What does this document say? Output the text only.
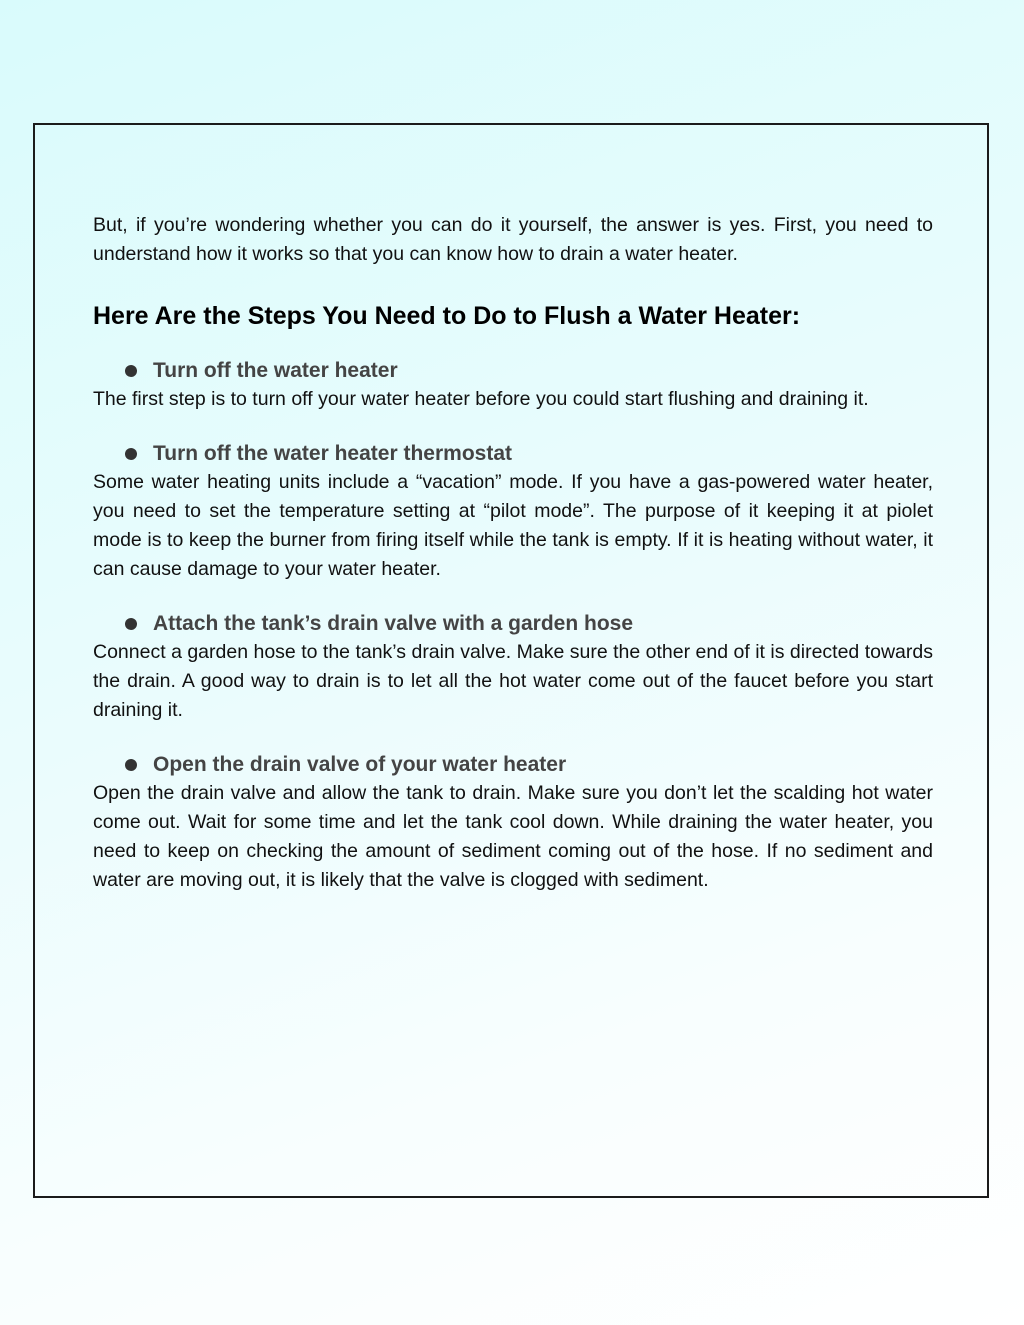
But, if you’re wondering whether you can do it yourself, the answer is yes. First, you need to understand how it works so that you can know how to drain a water heater.

Here Are the Steps You Need to Do to Flush a Water Heater:
Turn off the water heater

The first step is to turn off your water heater before you could start flushing and draining it.

Turn off the water heater thermostat

Some water heating units include a “vacation” mode. If you have a gas-powered water heater, you need to set the temperature setting at “pilot mode”. The purpose of it keeping it at piolet mode is to keep the burner from firing itself while the tank is empty. If it is heating without water, it can cause damage to your water heater.

Attach the tank’s drain valve with a garden hose

Connect a garden hose to the tank’s drain valve. Make sure the other end of it is directed towards the drain. A good way to drain is to let all the hot water come out of the faucet before you start draining it.

Open the drain valve of your water heater

Open the drain valve and allow the tank to drain. Make sure you don’t let the scalding hot water come out. Wait for some time and let the tank cool down. While draining the water heater, you need to keep on checking the amount of sediment coming out of the hose. If no sediment and water are moving out, it is likely that the valve is clogged with sediment.
